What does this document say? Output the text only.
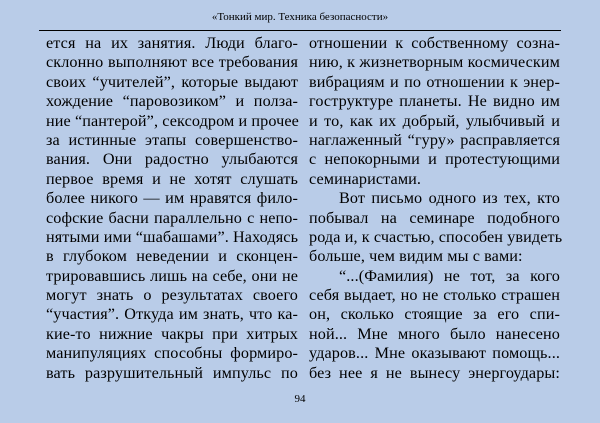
«Тонкий мир. Техника безопасности»
ется на их занятия. Люди благо-
склонно выполняют все требования
своих “учителей”, которые выдают
хождение “паровозиком” и полза-
ние “пантерой”, сексодром и прочее
за истинные этапы совершенство-
вания. Они радостно улыбаются
первое время и не хотят слушать
более никого — им нравятся фило-
софские басни параллельно с непо-
нятыми ими “шабашами”. Находясь
в глубоком неведении и сконцен-
трировавшись лишь на себе, они не
могут знать о результатах своего
“участия”. Откуда им знать, что ка-
кие-то нижние чакры при хитрых
манипуляциях способны формиро-
вать разрушительный импульс по
отношении к собственному созна-
нию, к жизнетворным космическим
вибрациям и по отношении к энер-
гоструктуре планеты. Не видно им
и то, как их добрый, улыбчивый и
наглаженный “гуру» расправляется
с непокорными и протестующими
семинаристами.
Вот письмо одного из тех, кто
побывал на семинаре подобного
рода и, к счастью, способен увидеть
больше, чем видим мы с вами:
“...(Фамилия) не тот, за кого
себя выдает, но не столько страшен
он, сколько стоящие за его спи-
ной... Мне много было нанесено
ударов... Мне оказывают помощь...
без нее я не вынесу энергоудары:
94
